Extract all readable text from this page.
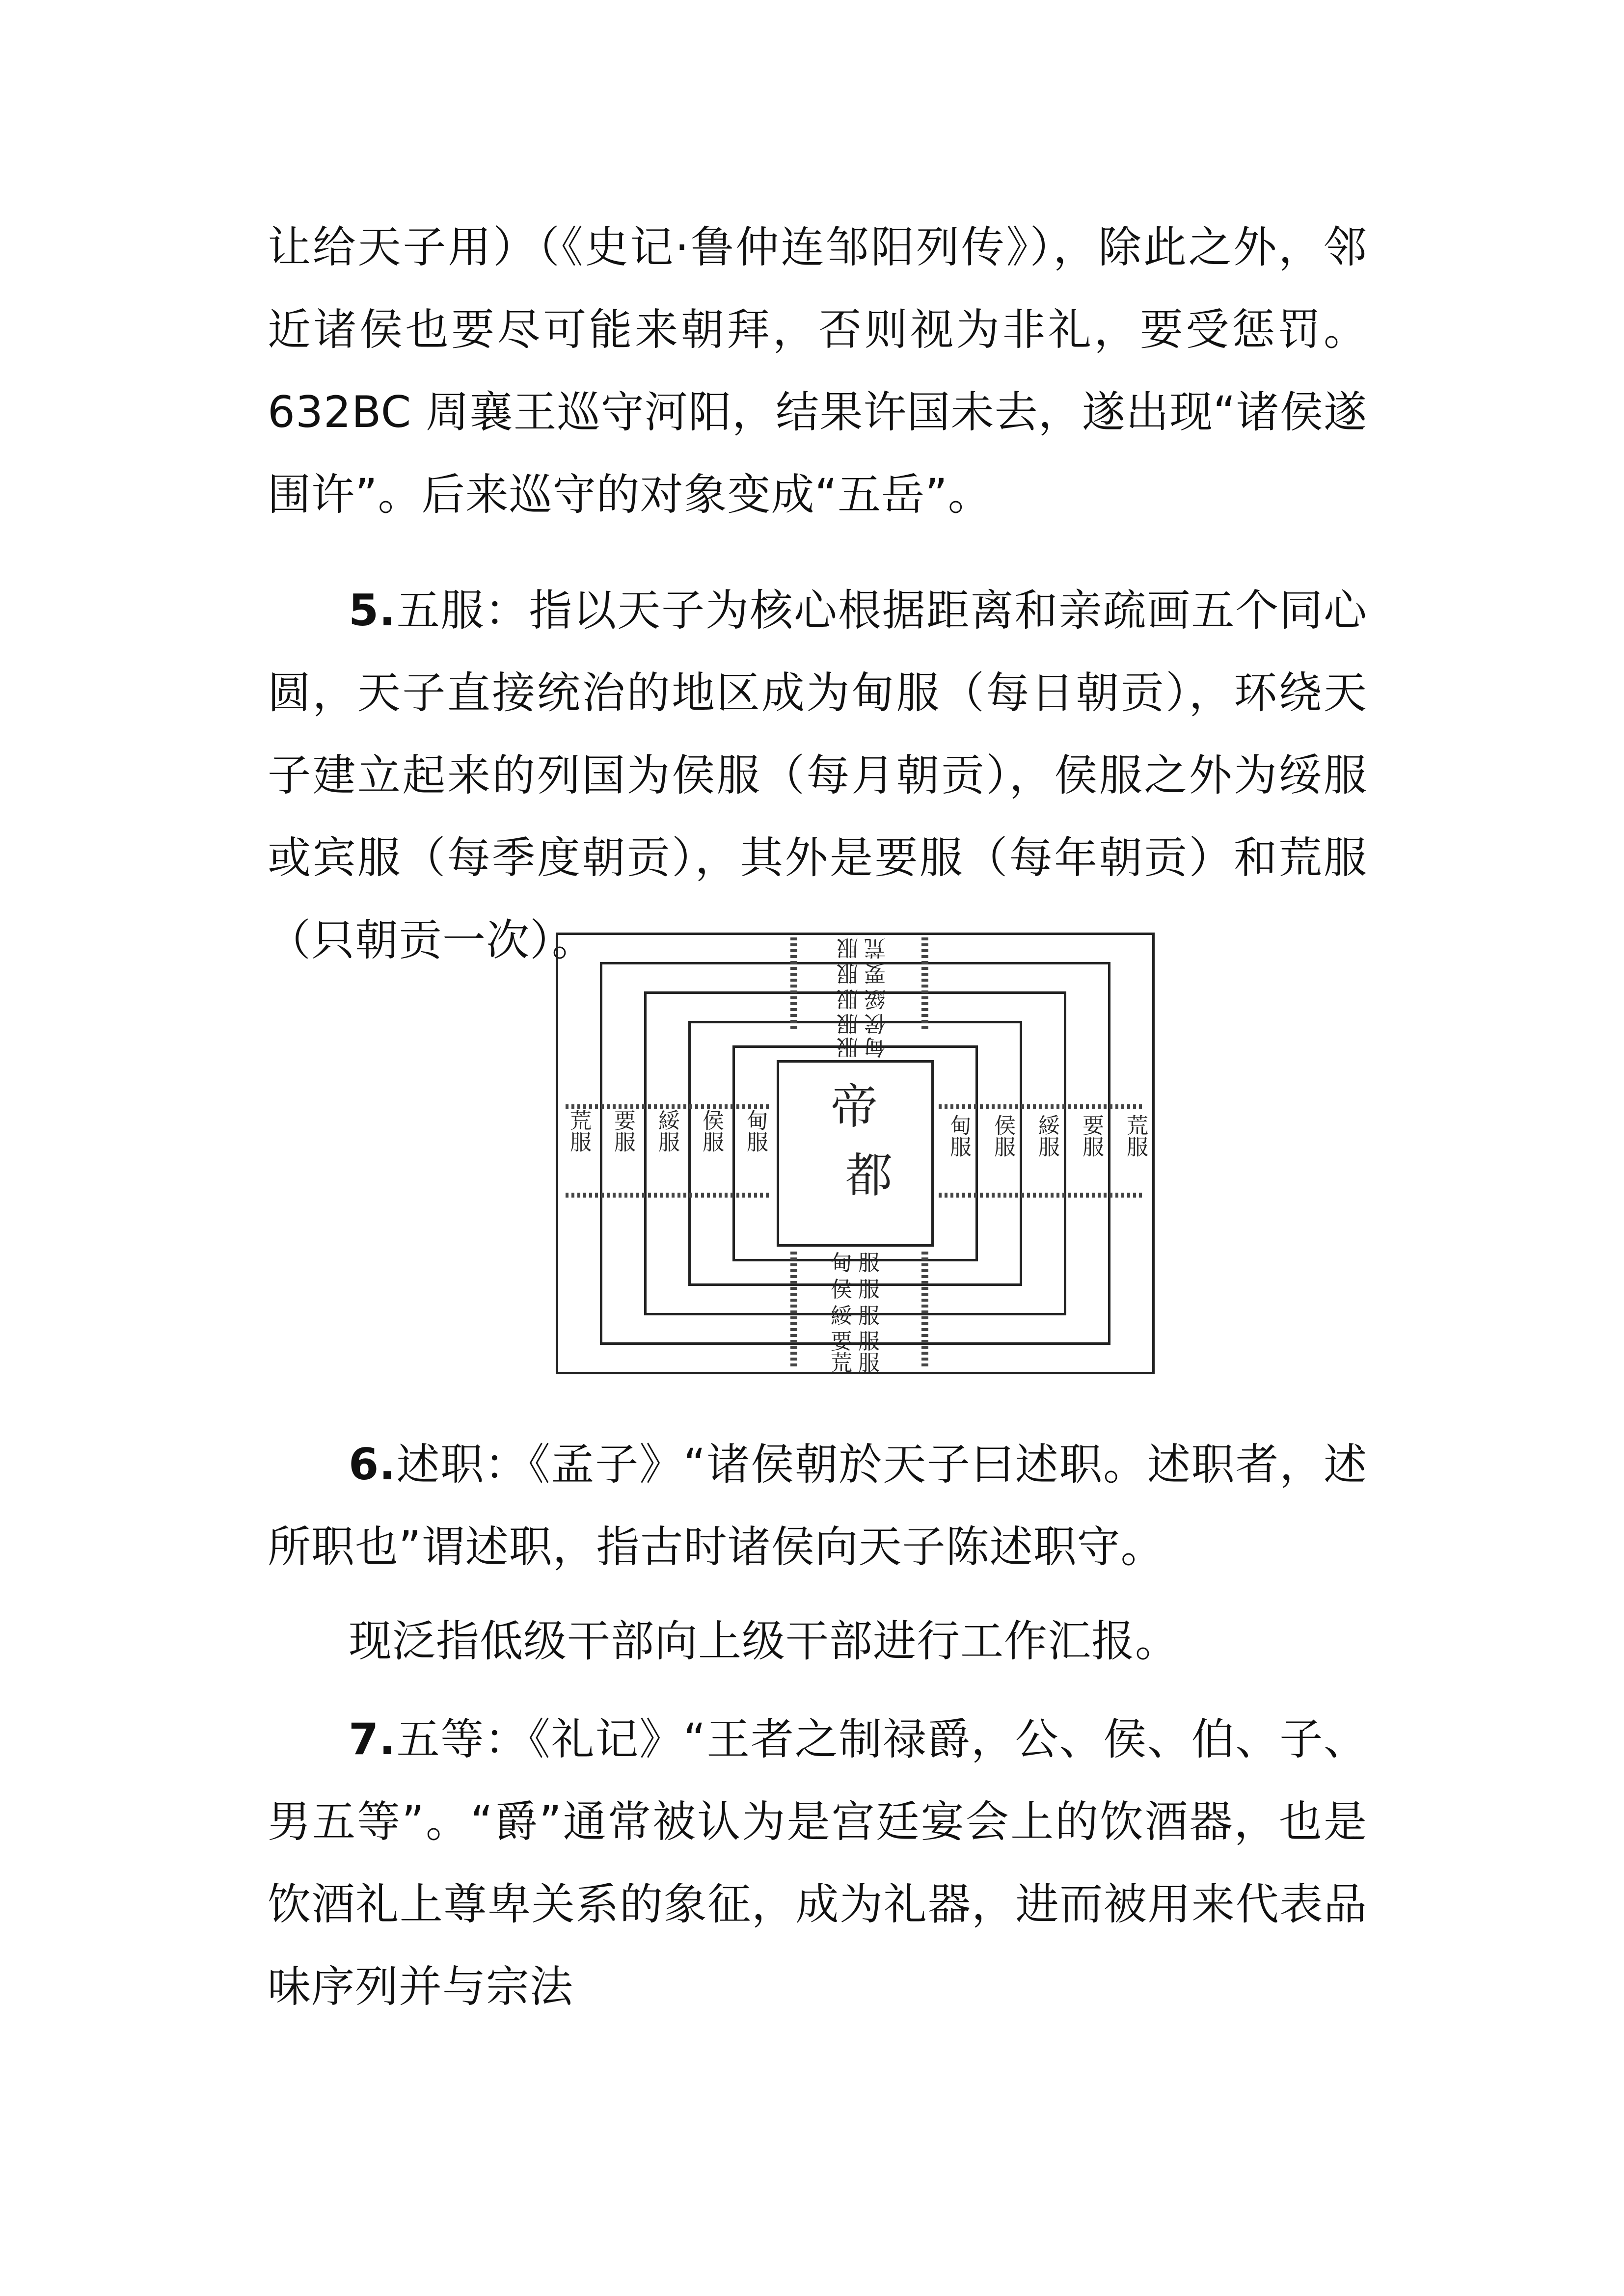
让给天子用）（《史记·鲁仲连邹阳列传》），除此之外，邻近诸侯也要尽可能来朝拜，否则视为非礼，要受惩罚。632BC 周襄王巡守河阳，结果许国未去，遂出现“诸侯遂围许”。后来巡守的对象变成“五岳”。

5.五服：指以天子为核心根据距离和亲疏画五个同心圆，天子直接统治的地区成为甸服（每日朝贡），环绕天子建立起来的列国为侯服（每月朝贡），侯服之外为绥服或宾服（每季度朝贡），其外是要服（每年朝贡）和荒服（只朝贡一次）。

帝
都
荒服 要服 綏服 侯服 甸服	甸服 侯服 綏服 要服 荒服
甸服
侯服
綏服
要服
荒服
荒服
要服
綏服
侯服
甸服

6.述职：《孟子》“诸侯朝於天子曰述职。述职者，述所职也”谓述职，指古时诸侯向天子陈述职守。

现泛指低级干部向上级干部进行工作汇报。

7.五等：《礼记》“王者之制禄爵，公、侯、伯、子、男五等”。“爵”通常被认为是宫廷宴会上的饮酒器，也是饮酒礼上尊卑关系的象征，成为礼器，进而被用来代表品味序列并与宗法
